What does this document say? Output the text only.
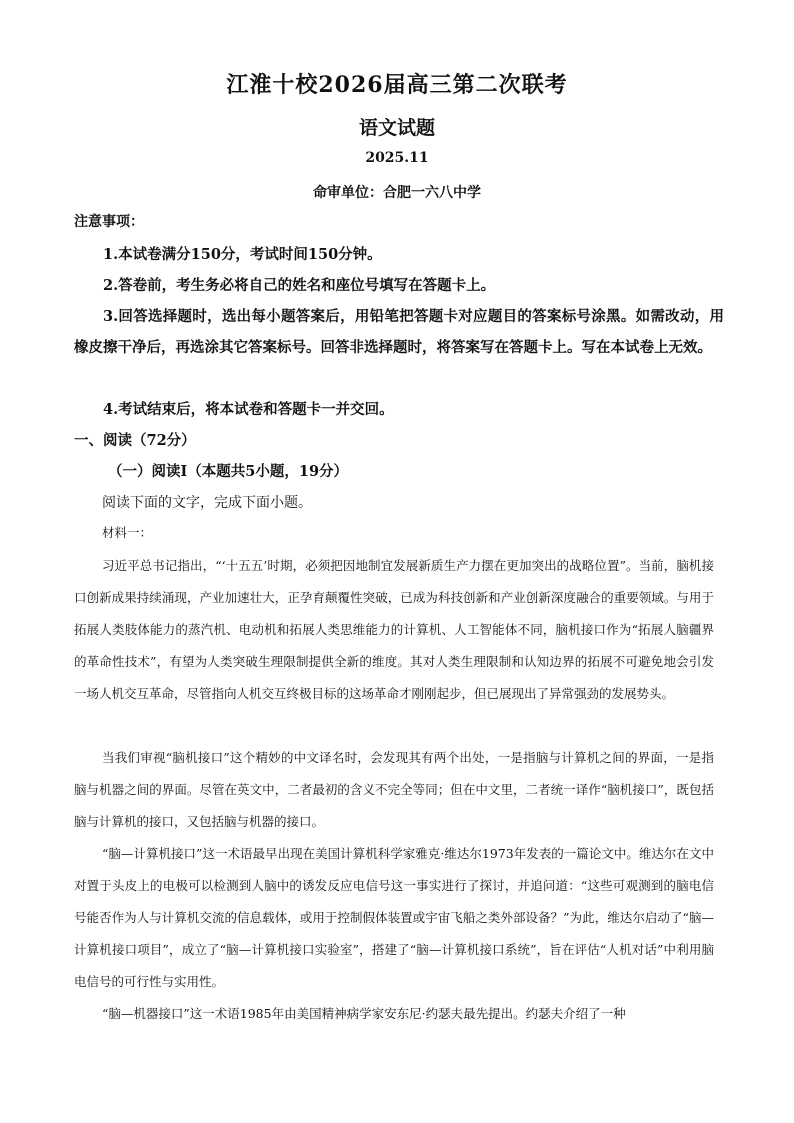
江淮十校2026届高三第二次联考
语文试题
2025.11
命审单位：合肥一六八中学
注意事项：

1.本试卷满分150分，考试时间150分钟。

2.答卷前，考生务必将自己的姓名和座位号填写在答题卡上。

3.回答选择题时，选出每小题答案后，用铅笔把答题卡对应题目的答案标号涂黑。如需改动，用橡皮擦干净后，再选涂其它答案标号。回答非选择题时，将答案写在答题卡上。写在本试卷上无效。

4.考试结束后，将本试卷和答题卡一并交回。

一、阅读（72分）
（一）阅读Ⅰ（本题共5小题，19分）
阅读下面的文字，完成下面小题。
材料一：

习近平总书记指出，“‘十五五’时期，必须把因地制宜发展新质生产力摆在更加突出的战略位置”。当前，脑机接口创新成果持续涌现，产业加速壮大，正孕育颠覆性突破，已成为科技创新和产业创新深度融合的重要领域。与用于拓展人类肢体能力的蒸汽机、电动机和拓展人类思维能力的计算机、人工智能体不同，脑机接口作为“拓展人脑疆界的革命性技术”，有望为人类突破生理限制提供全新的维度。其对人类生理限制和认知边界的拓展不可避免地会引发一场人机交互革命，尽管指向人机交互终极目标的这场革命才刚刚起步，但已展现出了异常强劲的发展势头。

当我们审视“脑机接口”这个精妙的中文译名时，会发现其有两个出处，一是指脑与计算机之间的界面，一是指脑与机器之间的界面。尽管在英文中，二者最初的含义不完全等同；但在中文里，二者统一译作“脑机接口”，既包括脑与计算机的接口，又包括脑与机器的接口。

“脑—计算机接口”这一术语最早出现在美国计算机科学家雅克·维达尔1973年发表的一篇论文中。维达尔在文中对置于头皮上的电极可以检测到人脑中的诱发反应电信号这一事实进行了探讨，并追问道：“这些可观测到的脑电信号能否作为人与计算机交流的信息载体，或用于控制假体装置或宇宙飞船之类外部设备？”为此，维达尔启动了“脑—计算机接口项目”，成立了“脑—计算机接口实验室”，搭建了“脑—计算机接口系统”，旨在评估“人机对话”中利用脑电信号的可行性与实用性。

“脑—机器接口”这一术语1985年由美国精神病学家安东尼·约瑟夫最先提出。约瑟夫介绍了一种
